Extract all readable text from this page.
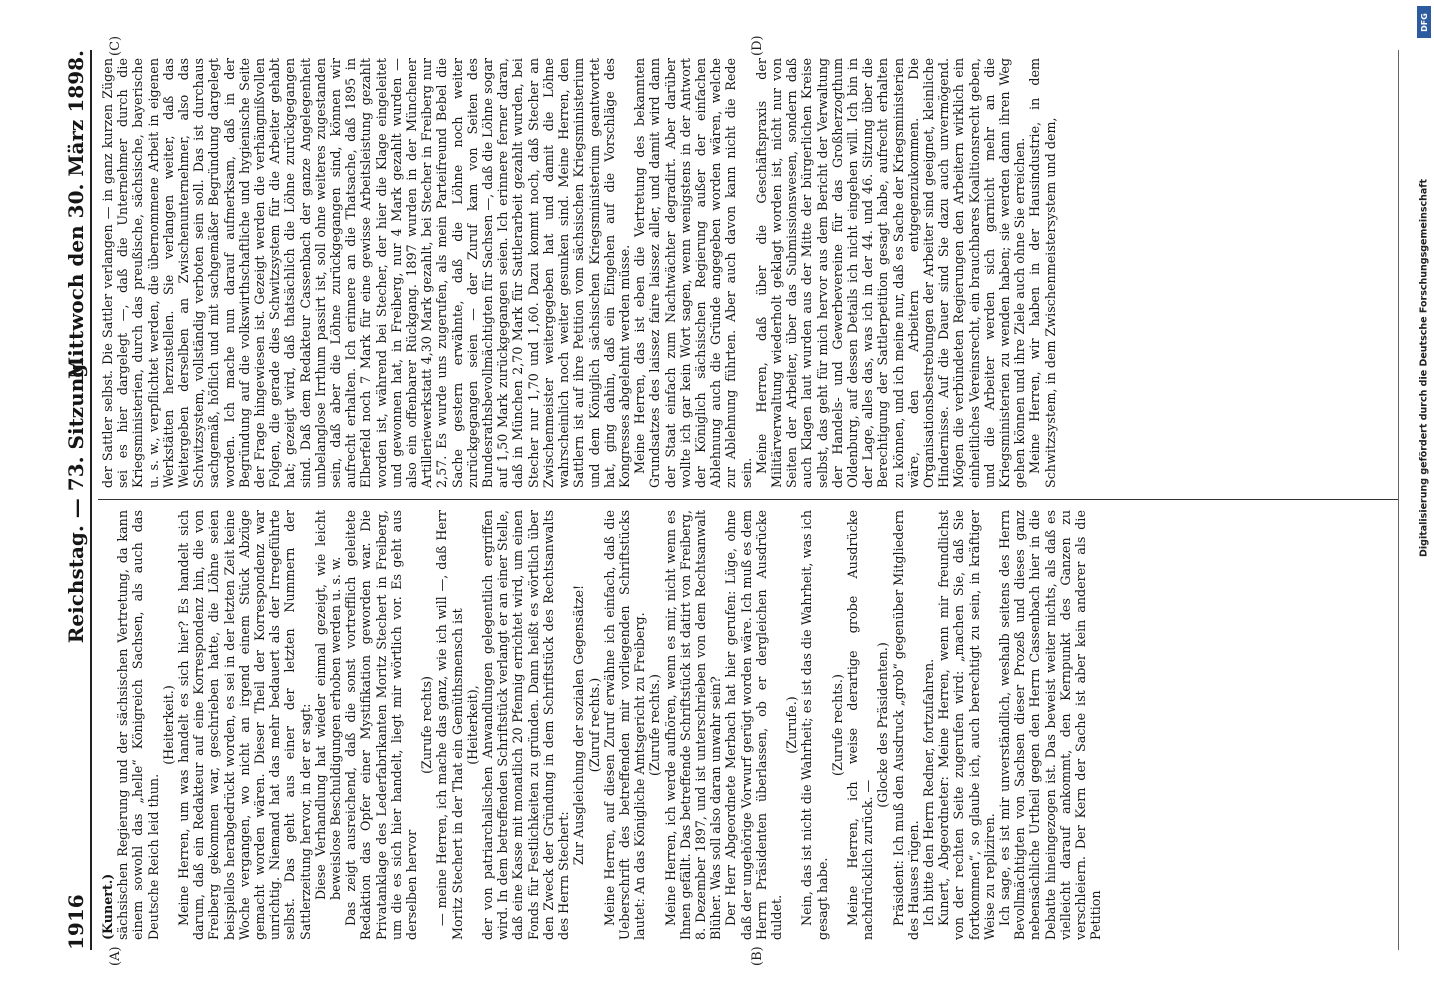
1916
Reichstag. — 73. Sitzung.
Mittwoch den 30. März 1898.
(A)	(B)
(C)	(D)

(Kunert.) sächsischen Regierung und der sächsischen Vertretung, da kann einem sowohl das „helle“ Königreich Sachsen, als auch das Deutsche Reich leid thun.

(Heiterkeit.) Meine Herren, um was handelt es sich hier? Es handelt sich darum, daß ein Redakteur auf eine Korrespondenz hin, die von Freiberg gekommen war, geschrieben hatte, die Löhne seien beispiellos herabgedrückt worden, es sei in der letzten Zeit keine Woche vergangen, wo nicht an irgend einem Stück Abzüge gemacht worden wären. Dieser Theil der Korrespondenz war unrichtig. Niemand hat das mehr bedauert als der Irregeführte selbst. Das geht aus einer der letzten Nummern der Sattlerzeitung hervor, in der er sagt: Diese Verhandlung hat wieder einmal gezeigt, wie leicht beweislose Beschuldigungen erhoben werden u. s. w. Das zeigt ausreichend, daß die sonst vortrefflich geleitete Redaktion das Opfer einer Mystifikation geworden war. Die Privatanklage des Lederfabrikanten Moritz Stechert in Freiberg, um die es sich hier handelt, liegt mir wörtlich vor. Es geht aus derselben hervor

(Zurufe rechts) — meine Herren, ich mache das ganz, wie ich will —, daß Herr Moritz Stechert in der That ein Gemüthsmensch ist (Heiterkeit), der von patriarchalischen Anwandlungen gelegentlich ergriffen wird. In dem betreffenden Schriftstück verlangt er an einer Stelle, daß eine Kasse mit monatlich 20 Pfennig errichtet wird, um einen Fonds für Festlichkeiten zu gründen. Dann heißt es wörtlich über den Zweck der Gründung in dem Schriftstück des Rechtsanwalts des Herrn Stechert:

Zur Ausgleichung der sozialen Gegensätze! (Zuruf rechts.) Meine Herren, auf diesen Zuruf erwähne ich einfach, daß die Ueberschrift des betreffenden mir vorliegenden Schriftstücks lautet: An das Königliche Amtsgericht zu Freiberg. (Zurufe rechts.) Meine Herren, ich werde aufhören, wenn es mir, nicht wenn es Ihnen gefällt. Das betreffende Schriftstück ist datirt von Freiberg, 8. Dezember 1897, und ist unterschrieben von dem Rechtsanwalt Blüher. Was soll also daran unwahr sein? Der Herr Abgeordnete Merbach hat hier gerufen: Lüge, ohne daß der ungehörige Vorwurf gerügt worden wäre. Ich muß es dem Herrn Präsidenten überlassen, ob er dergleichen Ausdrücke duldet.

(Zurufe.) Nein, das ist nicht die Wahrheit; es ist das die Wahrheit, was ich gesagt habe.

(Zurufe rechts.) Meine Herren, ich weise derartige grobe Ausdrücke nachdrücklich zurück. —

(Glocke des Präsidenten.) Präsident: Ich muß den Ausdruck „grob“ gegenüber Mitgliedern des Hauses rügen. Ich bitte den Herrn Redner, fortzufahren. Kunert, Abgeordneter: Meine Herren, wenn mir freundlichst von der rechten Seite zugerufen wird: „machen Sie, daß Sie fortkommen“, so glaube ich, auch berechtigt zu sein, in kräftiger Weise zu repliziren. Ich sage, es ist mir unverständlich, weshalb seitens des Herrn Bevollmächtigten von Sachsen dieser Prozeß und dieses ganz nebensächliche Urtheil gegen den Herrn Cassenbach hier in die Debatte hineingezogen ist. Das beweist weiter nichts, als daß es vielleicht darauf ankommt, den Kernpunkt des Ganzen zu verschleiern. Der Kern der Sache ist aber kein anderer als die Petition

der Sattler selbst. Die Sattler verlangen — in ganz kurzen Zügen sei es hier dargelegt —, daß die Unternehmer durch die Kriegsministerien, durch das preußische, sächsische, bayerische u. s. w., verpflichtet werden, die übernommene Arbeit in eigenen Werkstätten herzustellen. Sie verlangen weiter, daß das Weitergeben derselben an Zwischenunternehmer, also das Schwitzsystem, vollständig verboten sein soll. Das ist durchaus sachgemäß, höflich und mit sachgemäßer Begründung dargelegt worden. Ich mache nun darauf aufmerksam, daß in der Begründung auf die volkswirthschaftliche und hygienische Seite der Frage hingewiesen ist. Gezeigt werden die verhängnißvollen Folgen, die gerade dies Schwitzsystem für die Arbeiter gehabt hat; gezeigt wird, daß thatsächlich die Löhne zurückgegangen sind. Daß dem Redakteur Cassenbach der ganze Angelegenheit unbelanglose Irrthum passirt ist, soll ohne weiteres zugestanden sein, daß aber die Löhne zurückgegangen sind, können wir aufrecht erhalten. Ich erinnere an die Thatsache, daß 1895 in Elberfeld noch 7 Mark für eine gewisse Arbeitsleistung gezahlt worden ist, während bei Stecher, der hier die Klage eingeleitet und gewonnen hat, in Freiberg, nur 4 Mark gezahlt wurden — also ein offenbarer Rückgang. 1897 wurden in der Münchener Artilleriewerkstatt 4,30 Mark gezahlt, bei Stecher in Freiberg nur 2,57. Es wurde uns zugerufen, als mein Parteifreund Bebel die Sache gestern erwähnte, daß die Löhne noch weiter zurückgegangen seien — der Zuruf kam von Seiten des Bundesrathsbevollmächtigten für Sachsen —, daß die Löhne sogar auf 1,50 Mark zurückgegangen seien. Ich erinnere ferner daran, daß in München 2,70 Mark für Sattlerarbeit gezahlt wurden, bei Stecher nur 1,70 und 1,60. Dazu kommt noch, daß Stecher an Zwischenmeister weitergegeben hat und damit die Löhne wahrscheinlich noch weiter gesunken sind. Meine Herren, den Sattlern ist auf ihre Petition vom sächsischen Kriegsministerium und dem Königlich sächsischen Kriegsministerium geantwortet hat, ging dahin, daß ein Eingehen auf die Vorschläge des Kongresses abgelehnt werden müsse. Meine Herren, das ist eben die Vertretung des bekannten Grundsatzes des laissez faire laissez aller, und damit wird dann der Staat einfach zum Nachtwächter degradirt. Aber darüber wollte ich gar kein Wort sagen, wenn wenigstens in der Antwort der Königlich sächsischen Regierung außer der einfachen Ablehnung auch die Gründe angegeben worden wären, welche zur Ablehnung führten. Aber auch davon kann nicht die Rede sein. Meine Herren, daß über die Geschäftspraxis der Militärverwaltung wiederholt geklagt worden ist, nicht nur von Seiten der Arbeiter, über das Submissionswesen, sondern daß auch Klagen laut wurden aus der Mitte der bürgerlichen Kreise selbst, das geht für mich hervor aus dem Bericht der Verwaltung der Handels- und Gewerbevereine für das Großherzogthum Oldenburg, auf dessen Details ich nicht eingehen will. Ich bin in der Lage, alles das, was ich in der 44. und 46. Sitzung über die Berechtigung der Sattlerpetition gesagt habe, aufrecht erhalten zu können, und ich meine nur, daß es Sache der Kriegsministerien wäre, den Arbeitern entgegenzukommen. Die Organisationsbestrebungen der Arbeiter sind geeignet, kleinliche Hindernisse. Auf die Dauer sind Sie dazu auch unvermögend. Mögen die verbündeten Regierungen den Arbeitern wirklich ein einheitliches Vereinsrecht, ein brauchbares Koalitionsrecht geben, und die Arbeiter werden sich garnicht mehr an die Kriegsministerien zu wenden haben; sie werden dann ihren Weg gehen können und ihre Ziele auch ohne Sie erreichen. Meine Herren, wir haben in der Hausindustrie, in dem Schwitzsystem, in dem Zwischenmeistersystem und dem,

DFG
Digitalisierung gefördert durch die Deutsche Forschungsgemeinschaft
